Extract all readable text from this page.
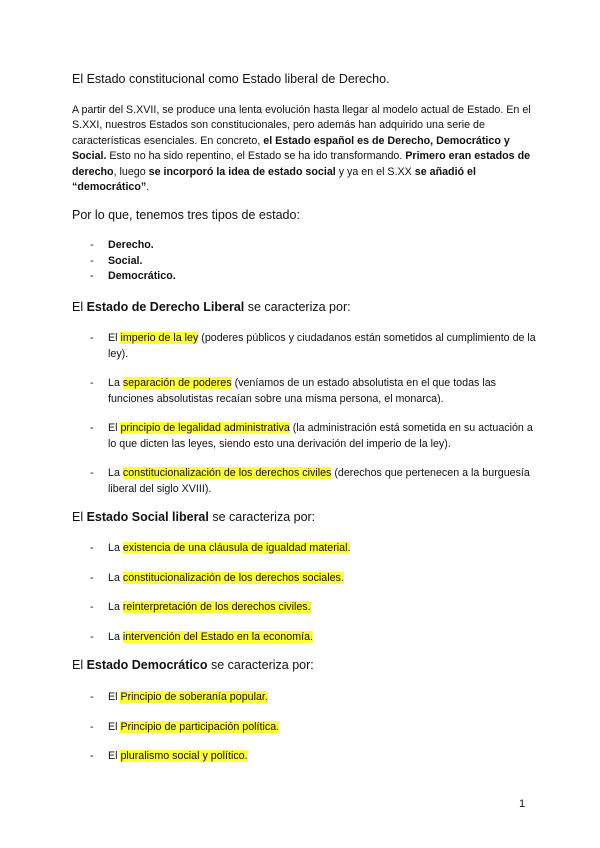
El Estado constitucional como Estado liberal de Derecho.
A partir del S.XVII, se produce una lenta evolución hasta llegar al modelo actual de Estado. En el S.XXI, nuestros Estados son constitucionales, pero además han adquirido una serie de características esenciales. En concreto, el Estado español es de Derecho, Democrático y Social. Esto no ha sido repentino, el Estado se ha ido transformando. Primero eran estados de derecho, luego se incorporó la idea de estado social y ya en el S.XX se añadió el “democrático”.
Por lo que, tenemos tres tipos de estado:
- Derecho.
- Social.
- Democrático.
El Estado de Derecho Liberal se caracteriza por:
- El imperio de la ley (poderes públicos y ciudadanos están sometidos al cumplimiento de la ley).
- La separación de poderes (veníamos de un estado absolutista en el que todas las funciones absolutistas recaían sobre una misma persona, el monarca).
- El principio de legalidad administrativa (la administración está sometida en su actuación a lo que dicten las leyes, siendo esto una derivación del imperio de la ley).
- La constitucionalización de los derechos civiles (derechos que pertenecen a la burguesía liberal del siglo XVIII).
El Estado Social liberal se caracteriza por:
- La existencia de una cláusula de igualdad material.
- La constitucionalización de los derechos sociales.
- La reinterpretación de los derechos civiles.
- La intervención del Estado en la economía.
El Estado Democrático se caracteriza por:
- El Principio de soberanía popular.
- El Principio de participación política.
- El pluralismo social y político.
1
